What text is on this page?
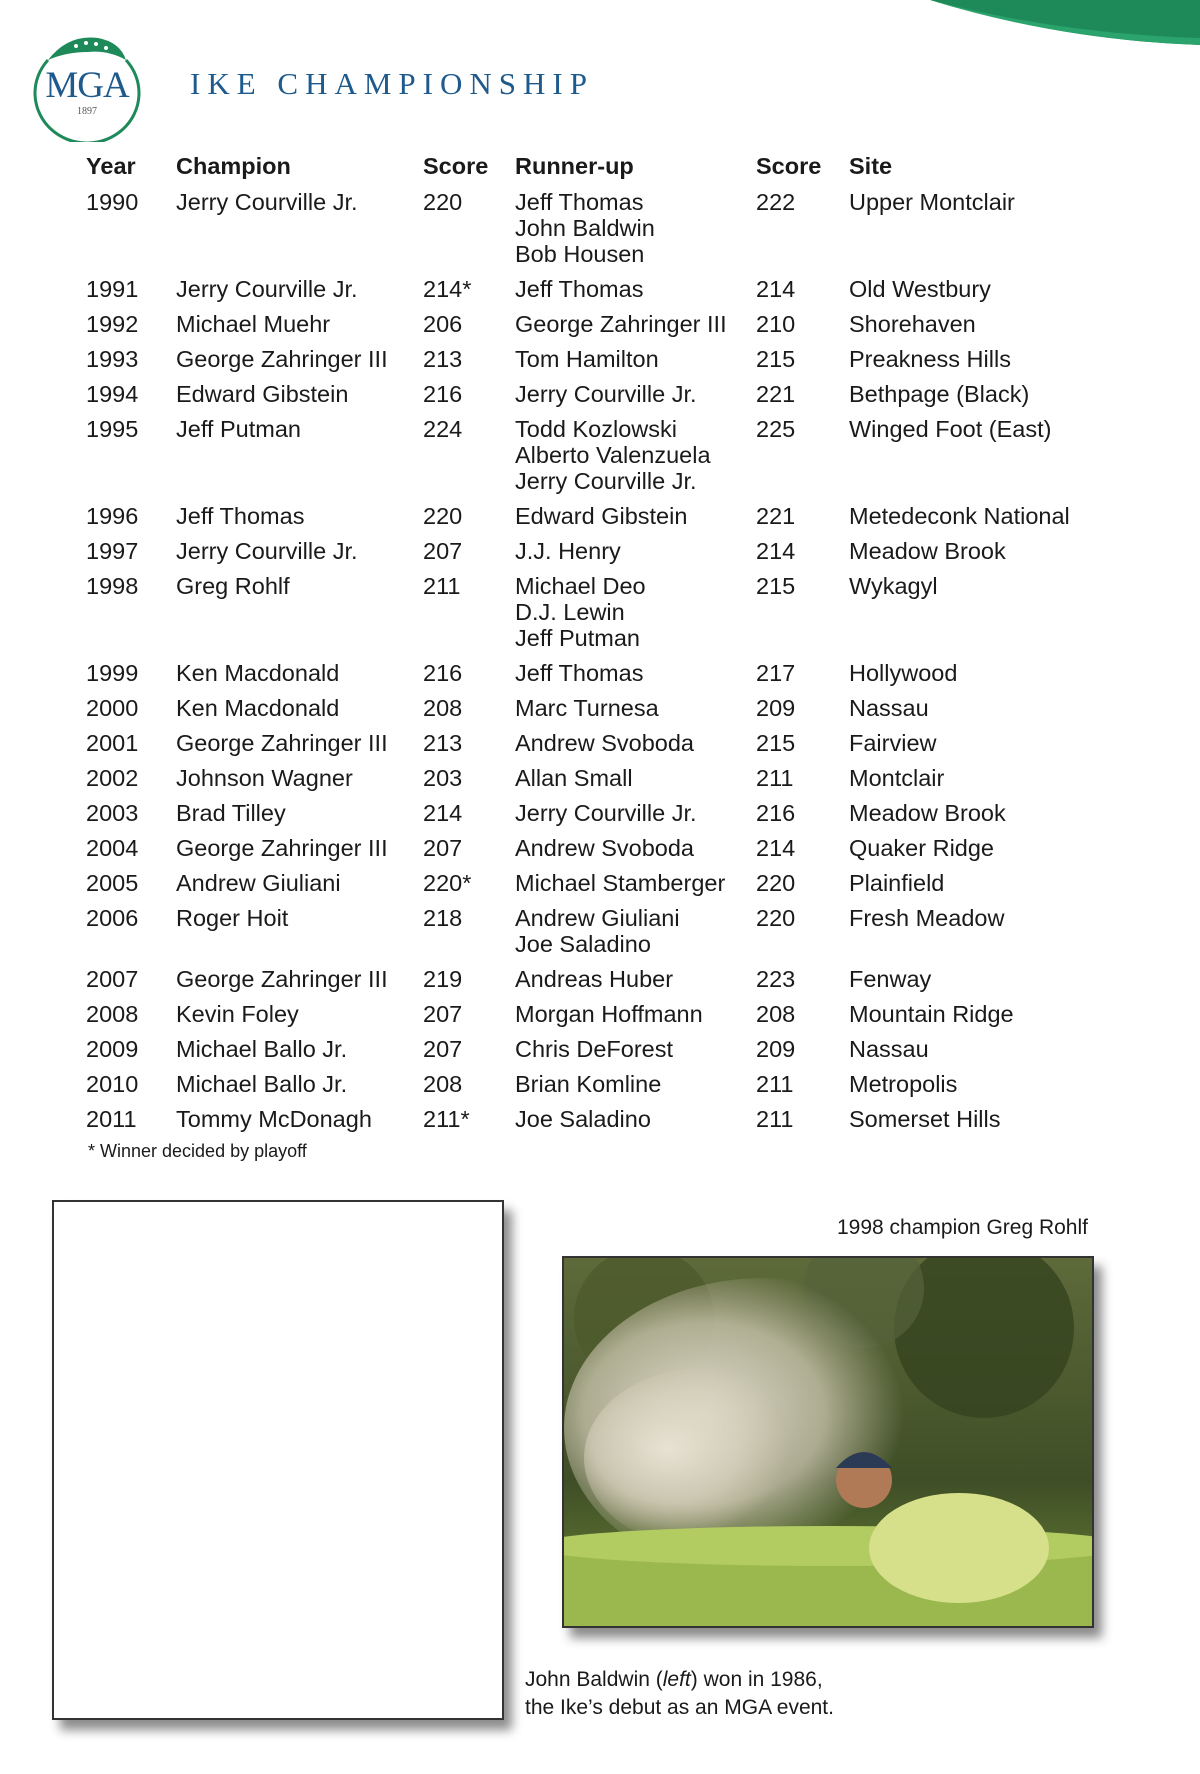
MGA
1897
IKE CHAMPIONSHIP
Year	Champion	Score	Runner-up	Score	Site
1990	Jerry Courville Jr.	220	Jeff Thomas
John Baldwin
Bob Housen	222	Upper Montclair
1991	Jerry Courville Jr.	214*	Jeff Thomas	214	Old Westbury
1992	Michael Muehr	206	George Zahringer III	210	Shorehaven
1993	George Zahringer III	213	Tom Hamilton	215	Preakness Hills
1994	Edward Gibstein	216	Jerry Courville Jr.	221	Bethpage (Black)
1995	Jeff Putman	224	Todd Kozlowski
Alberto Valenzuela
Jerry Courville Jr.	225	Winged Foot (East)
1996	Jeff Thomas	220	Edward Gibstein	221	Metedeconk National
1997	Jerry Courville Jr.	207	J.J. Henry	214	Meadow Brook
1998	Greg Rohlf	211	Michael Deo
D.J. Lewin
Jeff Putman	215	Wykagyl
1999	Ken Macdonald	216	Jeff Thomas	217	Hollywood
2000	Ken Macdonald	208	Marc Turnesa	209	Nassau
2001	George Zahringer III	213	Andrew Svoboda	215	Fairview
2002	Johnson Wagner	203	Allan Small	211	Montclair
2003	Brad Tilley	214	Jerry Courville Jr.	216	Meadow Brook
2004	George Zahringer III	207	Andrew Svoboda	214	Quaker Ridge
2005	Andrew Giuliani	220*	Michael Stamberger	220	Plainfield
2006	Roger Hoit	218	Andrew Giuliani
Joe Saladino	220	Fresh Meadow
2007	George Zahringer III	219	Andreas Huber	223	Fenway
2008	Kevin Foley	207	Morgan Hoffmann	208	Mountain Ridge
2009	Michael Ballo Jr.	207	Chris DeForest	209	Nassau
2010	Michael Ballo Jr.	208	Brian Komline	211	Metropolis
2011	Tommy McDonagh	211*	Joe Saladino	211	Somerset Hills
* Winner decided by playoff
1998 champion Greg Rohlf
John Baldwin (left) won in 1986,
the Ike’s debut as an MGA event.
